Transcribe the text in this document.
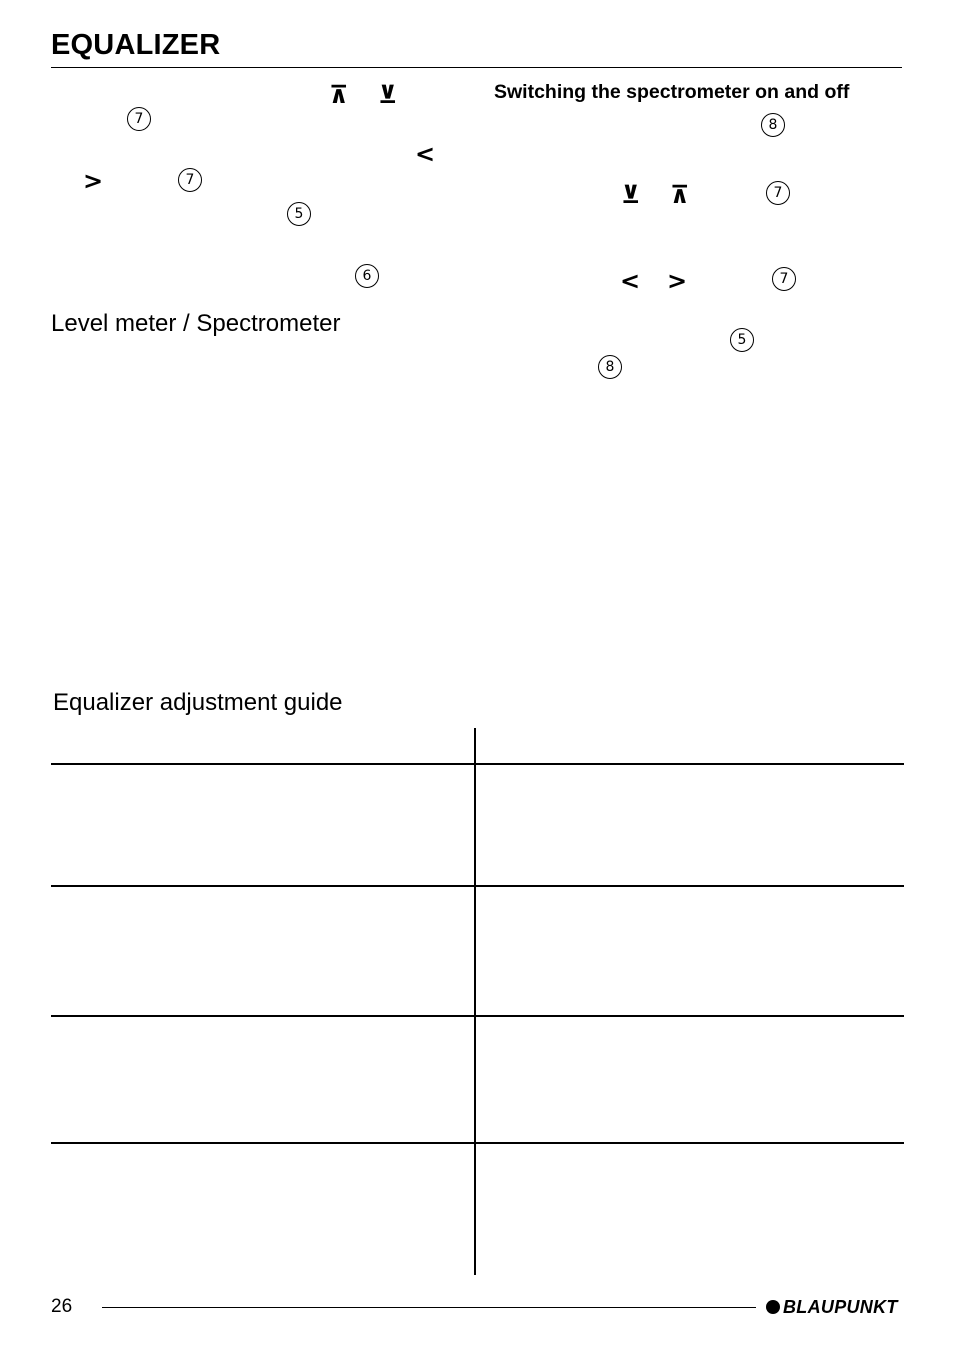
EQUALIZER
⊼ ⊻
7
<
>	7
5
6
Level meter / Spectrometer
Switching the spectrometer on and off
8
⊻ ⊼	7
< >	7
5
8
Equalizer adjustment guide
26	BLAUPUNKT
